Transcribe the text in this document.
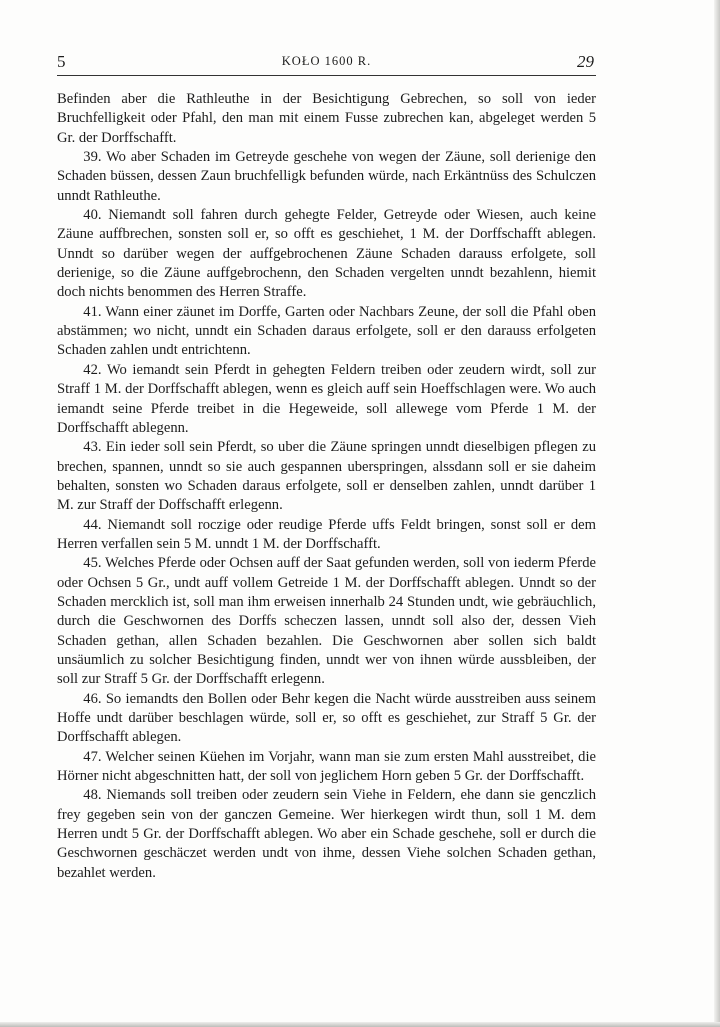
5	KOŁO 1600 R.	29

Befinden aber die Rathleuthe in der Besichtigung Gebrechen, so soll von ieder Bruchfelligkeit oder Pfahl, den man mit einem Fusse zubrechen kan, abgeleget werden 5 Gr. der Dorffschafft.

39. Wo aber Schaden im Getreyde geschehe von wegen der Zäune, soll derienige den Schaden büssen, dessen Zaun bruchfelligk befunden würde, nach Erkäntnüss des Schulczen unndt Rathleuthe.

40. Niemandt soll fahren durch gehegte Felder, Getreyde oder Wiesen, auch keine Zäune auffbrechen, sonsten soll er, so offt es geschiehet, 1 M. der Dorffschafft ablegen. Unndt so darüber wegen der auffgebrochenen Zäune Schaden darauss erfolgete, soll derienige, so die Zäune auffgebrochenn, den Schaden vergelten unndt bezahlenn, hiemit doch nichts benommen des Herren Straffe.

41. Wann einer zäunet im Dorffe, Garten oder Nachbars Zeune, der soll die Pfahl oben abstämmen; wo nicht, unndt ein Schaden daraus erfolgete, soll er den darauss erfolgeten Schaden zahlen undt entrichtenn.

42. Wo iemandt sein Pferdt in gehegten Feldern treiben oder zeudern wirdt, soll zur Straff 1 M. der Dorffschafft ablegen, wenn es gleich auff sein Hoeffschlagen were. Wo auch iemandt seine Pferde treibet in die Hegeweide, soll allewege vom Pferde 1 M. der Dorffschafft ablegenn.

43. Ein ieder soll sein Pferdt, so uber die Zäune springen unndt dieselbigen pflegen zu brechen, spannen, unndt so sie auch gespannen uberspringen, alssdann soll er sie daheim behalten, sonsten wo Schaden daraus erfolgete, soll er denselben zahlen, unndt darüber 1 M. zur Straff der Doffschafft erlegenn.

44. Niemandt soll roczige oder reudige Pferde uffs Feldt bringen, sonst soll er dem Herren verfallen sein 5 M. unndt 1 M. der Dorffschafft.

45. Welches Pferde oder Ochsen auff der Saat gefunden werden, soll von iederm Pferde oder Ochsen 5 Gr., undt auff vollem Getreide 1 M. der Dorffschafft ablegen. Unndt so der Schaden mercklich ist, soll man ihm erweisen innerhalb 24 Stunden undt, wie gebräuchlich, durch die Geschwornen des Dorffs scheczen lassen, unndt soll also der, dessen Vieh Schaden gethan, allen Schaden bezahlen. Die Geschwornen aber sollen sich baldt unsäumlich zu solcher Besichtigung finden, unndt wer von ihnen würde aussbleiben, der soll zur Straff 5 Gr. der Dorffschafft erlegenn.

46. So iemandts den Bollen oder Behr kegen die Nacht würde ausstreiben auss seinem Hoffe undt darüber beschlagen würde, soll er, so offt es geschiehet, zur Straff 5 Gr. der Dorffschafft ablegen.

47. Welcher seinen Küehen im Vorjahr, wann man sie zum ersten Mahl ausstreibet, die Hörner nicht abgeschnitten hatt, der soll von jeglichem Horn geben 5 Gr. der Dorffschafft.

48. Niemands soll treiben oder zeudern sein Viehe in Feldern, ehe dann sie genczlich frey gegeben sein von der ganczen Gemeine. Wer hierkegen wirdt thun, soll 1 M. dem Herren undt 5 Gr. der Dorffschafft ablegen. Wo aber ein Schade geschehe, soll er durch die Geschwornen geschäczet werden undt von ihme, dessen Viehe solchen Schaden gethan, bezahlet werden.
